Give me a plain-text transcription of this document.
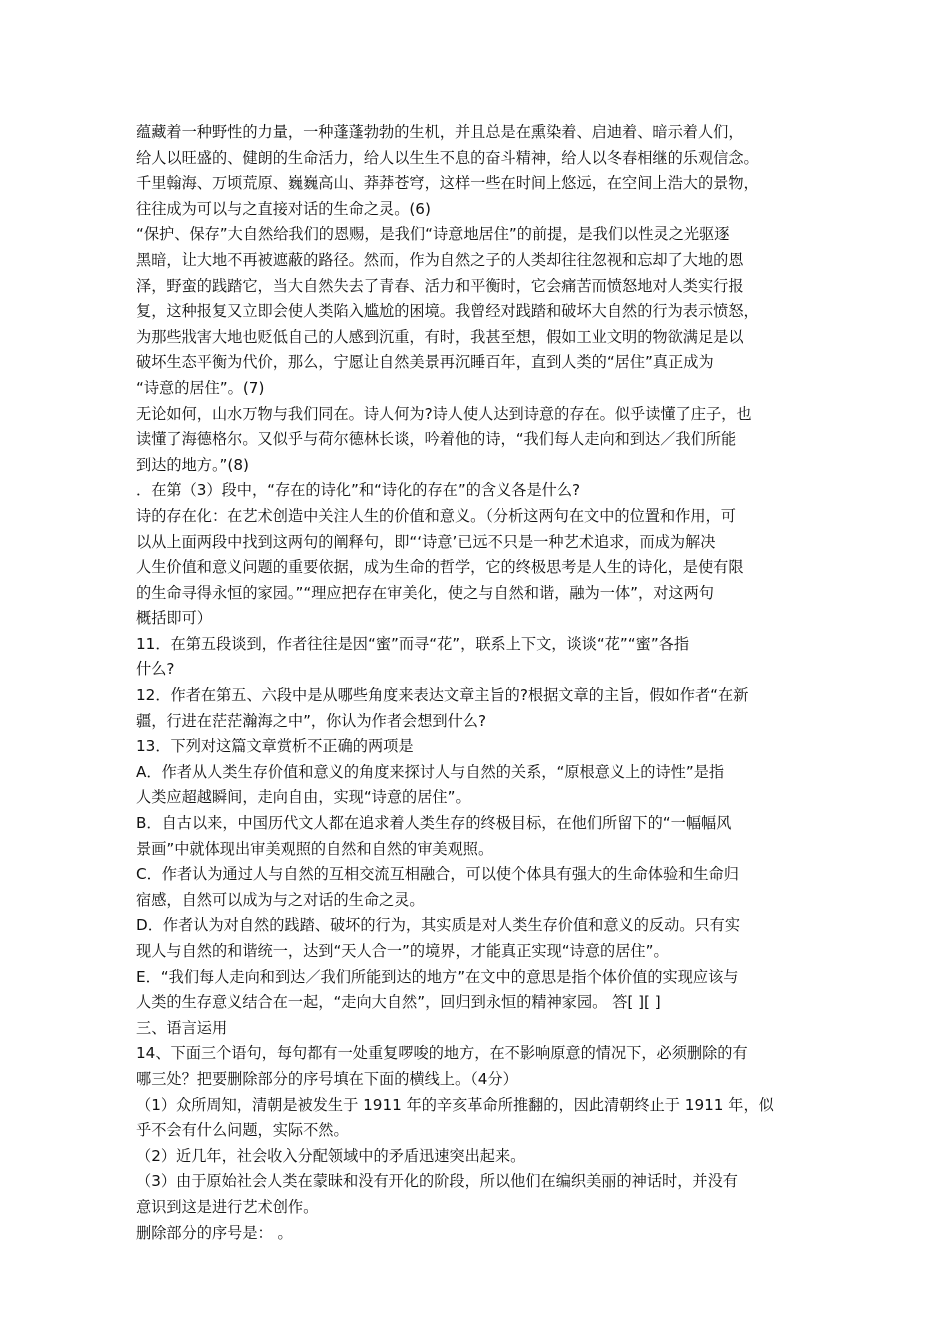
蕴藏着一种野性的力量，一种蓬蓬勃勃的生机，并且总是在熏染着、启迪着、暗示着人们，

给人以旺盛的、健朗的生命活力，给人以生生不息的奋斗精神，给人以冬春相继的乐观信念。

千里翰海、万顷荒原、巍巍高山、莽莽苍穹，这样一些在时间上悠远，在空间上浩大的景物，

往往成为可以与之直接对话的生命之灵。(6)

“保护、保存”大自然给我们的恩赐，是我们“诗意地居住”的前提，是我们以性灵之光驱逐

黑暗，让大地不再被遮蔽的路径。然而，作为自然之子的人类却往往忽视和忘却了大地的恩

泽，野蛮的践踏它，当大自然失去了青春、活力和平衡时，它会痛苦而愤怒地对人类实行报

复，这种报复又立即会使人类陷入尴尬的困境。我曾经对践踏和破坏大自然的行为表示愤怒，

为那些戕害大地也贬低自己的人感到沉重，有时，我甚至想，假如工业文明的物欲满足是以

破坏生态平衡为代价，那么，宁愿让自然美景再沉睡百年，直到人类的“居住”真正成为

“诗意的居住”。(7)

无论如何，山水万物与我们同在。诗人何为?诗人使人达到诗意的存在。似乎读懂了庄子，也

读懂了海德格尔。又似乎与荷尔德林长谈，吟着他的诗，“我们每人走向和到达／我们所能

到达的地方。”(8)

．在第（3）段中，“存在的诗化”和“诗化的存在”的含义各是什么?

诗的存在化：在艺术创造中关注人生的价值和意义。（分析这两句在文中的位置和作用，可

以从上面两段中找到这两句的阐释句，即“‘诗意’已远不只是一种艺术追求，而成为解决

人生价值和意义问题的重要依据，成为生命的哲学，它的终极思考是人生的诗化，是使有限

的生命寻得永恒的家园。”“理应把存在审美化，使之与自然和谐，融为一体”，对这两句

概括即可）

11．在第五段谈到，作者往往是因“蜜”而寻“花”，联系上下文，谈谈“花”“蜜”各指

什么?

12．作者在第五、六段中是从哪些角度来表达文章主旨的?根据文章的主旨，假如作者“在新

疆，行进在茫茫瀚海之中”，你认为作者会想到什么?

13．下列对这篇文章赏析不正确的两项是

A．作者从人类生存价值和意义的角度来探讨人与自然的关系，“原根意义上的诗性”是指

人类应超越瞬间，走向自由，实现“诗意的居住”。

B．自古以来，中国历代文人都在追求着人类生存的终极目标，在他们所留下的“一幅幅风

景画”中就体现出审美观照的自然和自然的审美观照。

C．作者认为通过人与自然的互相交流互相融合，可以使个体具有强大的生命体验和生命归

宿感，自然可以成为与之对话的生命之灵。

D．作者认为对自然的践踏、破坏的行为，其实质是对人类生存价值和意义的反动。只有实

现人与自然的和谐统一，达到“天人合一”的境界，才能真正实现“诗意的居住”。

E．“我们每人走向和到达／我们所能到达的地方”在文中的意思是指个体价值的实现应该与

人类的生存意义结合在一起，“走向大自然”，回归到永恒的精神家园。 答[ ][ ]

三、语言运用

14、下面三个语句，每句都有一处重复啰唆的地方，在不影响原意的情况下，必须删除的有

哪三处？把要删除部分的序号填在下面的横线上。（4分）

（1）众所周知，清朝是被发生于 1911 年的辛亥革命所推翻的，因此清朝终止于 1911 年，似

乎不会有什么问题，实际不然。

（2）近几年，社会收入分配领域中的矛盾迅速突出起来。

（3）由于原始社会人类在蒙昧和没有开化的阶段，所以他们在编织美丽的神话时，并没有

意识到这是进行艺术创作。

删除部分的序号是： 。
